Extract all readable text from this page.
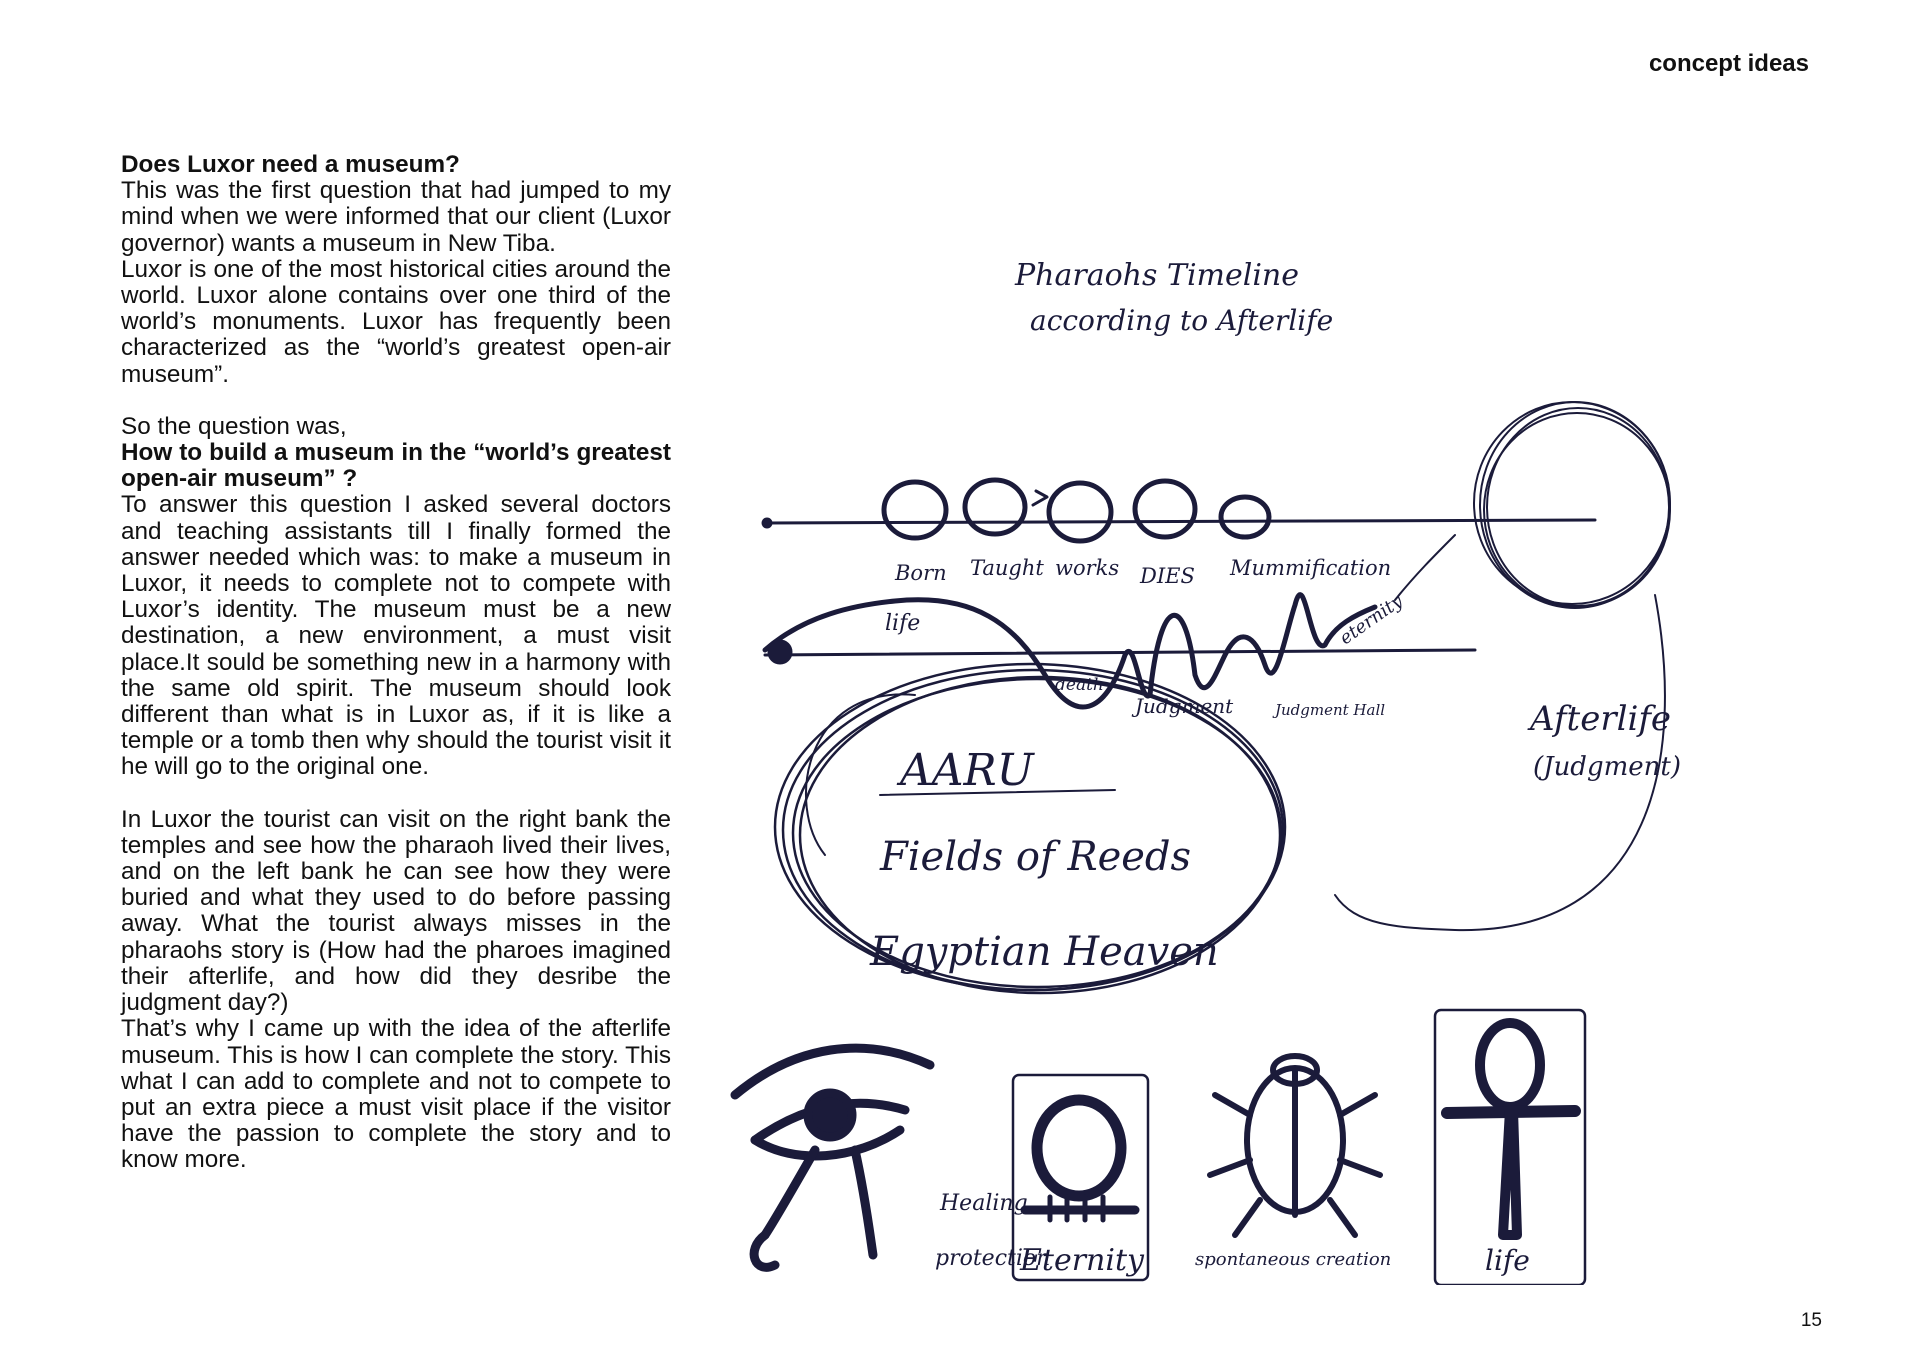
concept ideas

Does Luxor need a museum?

This was the first question that had jumped to my mind when we were informed that our client (Luxor governor) wants a museum in New Tiba.

Luxor is one of the most historical cities around the world. Luxor alone contains over one third of the world’s monuments. Luxor has frequently been characterized as the “world’s greatest open-air museum”.

So the question was,

How to build a museum in the “world’s greatest open-air museum” ?

To answer this question I asked several doctors and teaching assistants till I finally formed the answer needed which was: to make a museum in Luxor, it needs to complete not to compete with Luxor’s identity. The museum must be a new destination, a new environment, a must visit place.It sould be something new in a harmony with the same old spirit. The museum should look different than what is in Luxor as, if it is like a temple or a tomb then why should the tourist visit it he will go to the original one.

In Luxor the tourist can visit on the right bank the temples and see how the pharaoh lived their lives, and on the left bank he can see how they were buried and what they used to do before passing away. What the tourist always misses in the pharaohs story is (How had the pharoes imagined their afterlife, and how did they desribe the judgment day?)

That’s why I came up with the idea of the afterlife museum. This is how I can complete the story. This what I can add to complete and not to compete to put an extra piece a must visit place if the visitor have the passion to complete the story and to know more.

Pharaohs Timeline
according to Afterlife
Born Taught works DIES Mummification
life
death
Judgment	Judgment Hall
eternity
Afterlife
(Judgment)
AARU
Fields of Reeds
Egyptian Heaven
Healing
protection
Eternity	spontaneous creation	life
15
